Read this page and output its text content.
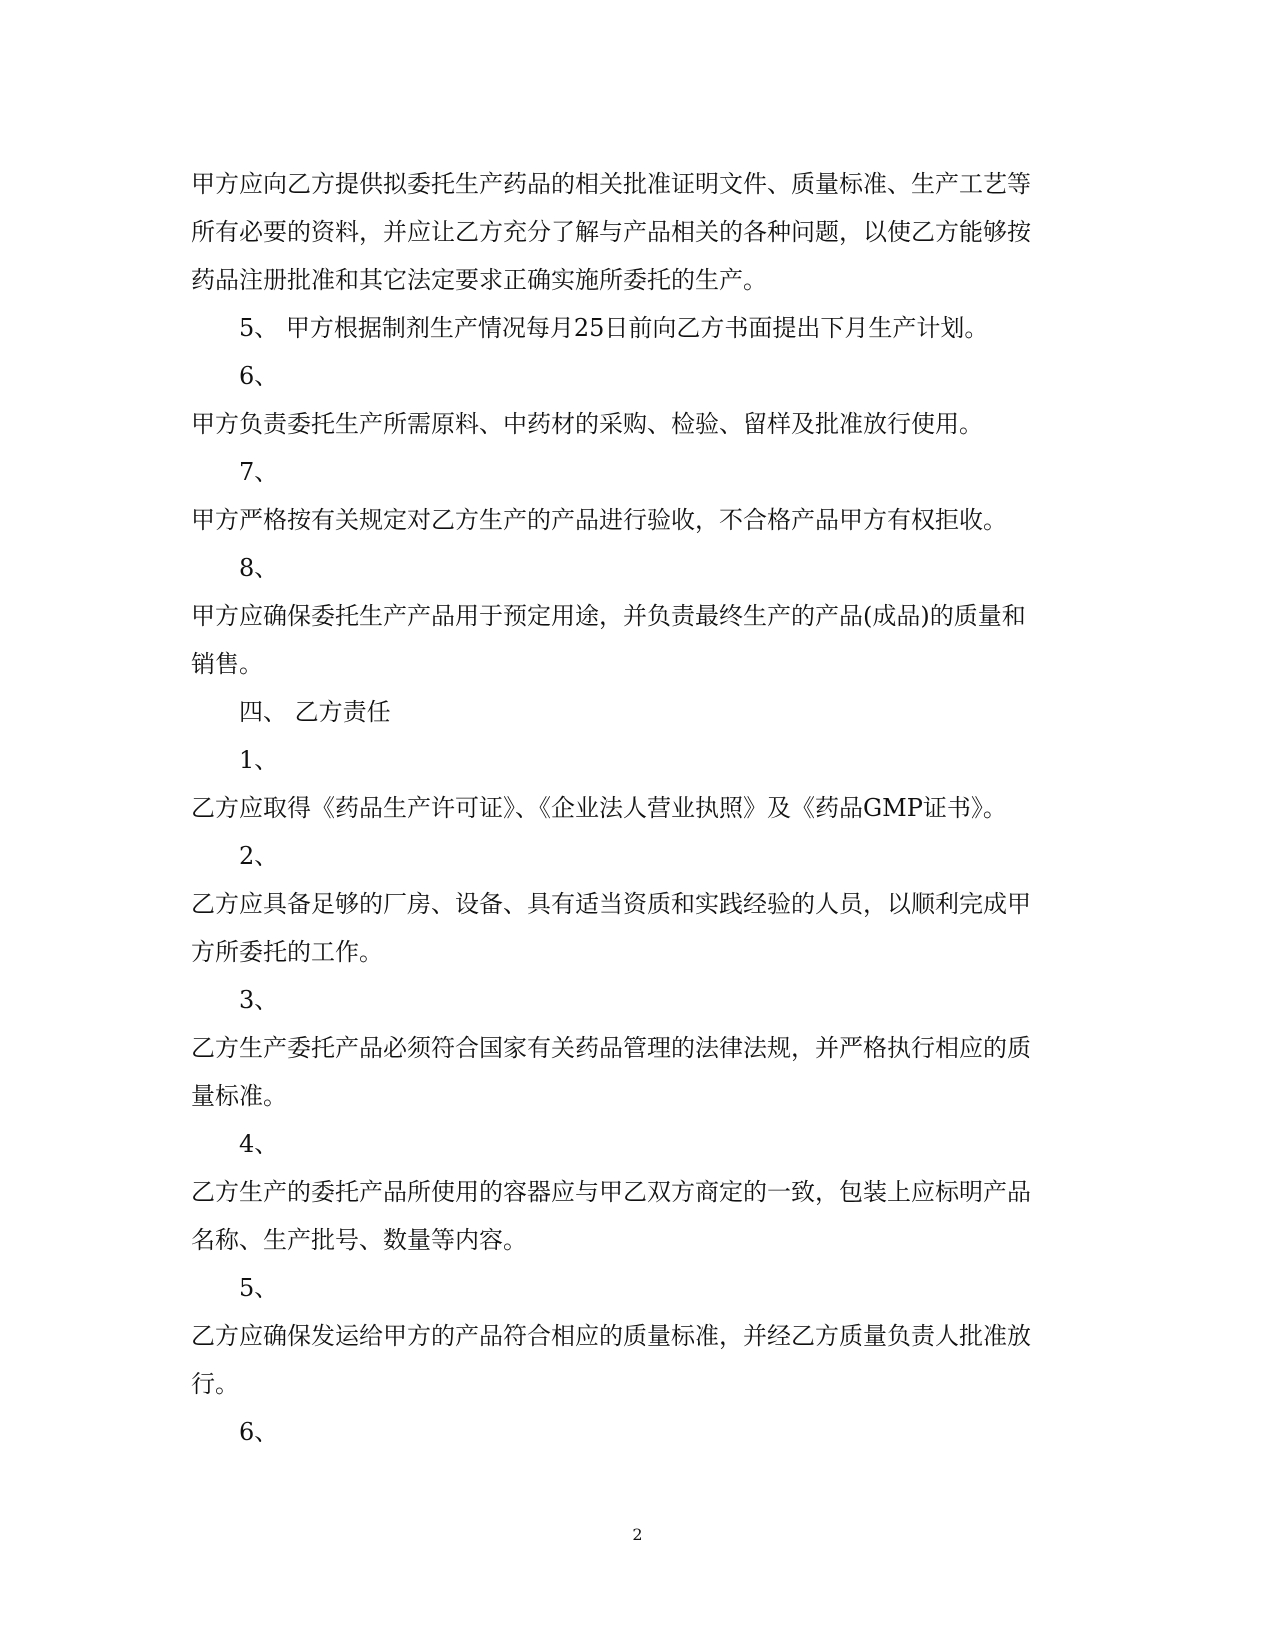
甲方应向乙方提供拟委托生产药品的相关批准证明文件、质量标准、生产工艺等
所有必要的资料，并应让乙方充分了解与产品相关的各种问题，以使乙方能够按
药品注册批准和其它法定要求正确实施所委托的生产。
5、 甲方根据制剂生产情况每月25日前向乙方书面提出下月生产计划。
6、
甲方负责委托生产所需原料、中药材的采购、检验、留样及批准放行使用。
7、
甲方严格按有关规定对乙方生产的产品进行验收，不合格产品甲方有权拒收。
8、
甲方应确保委托生产产品用于预定用途，并负责最终生产的产品(成品)的质量和
销售。
四、 乙方责任
1、
乙方应取得《药品生产许可证》、《企业法人营业执照》及《药品GMP证书》。
2、
乙方应具备足够的厂房、设备、具有适当资质和实践经验的人员，以顺利完成甲
方所委托的工作。
3、
乙方生产委托产品必须符合国家有关药品管理的法律法规，并严格执行相应的质
量标准。
4、
乙方生产的委托产品所使用的容器应与甲乙双方商定的一致，包装上应标明产品
名称、生产批号、数量等内容。
5、
乙方应确保发运给甲方的产品符合相应的质量标准，并经乙方质量负责人批准放
行。
6、
2
